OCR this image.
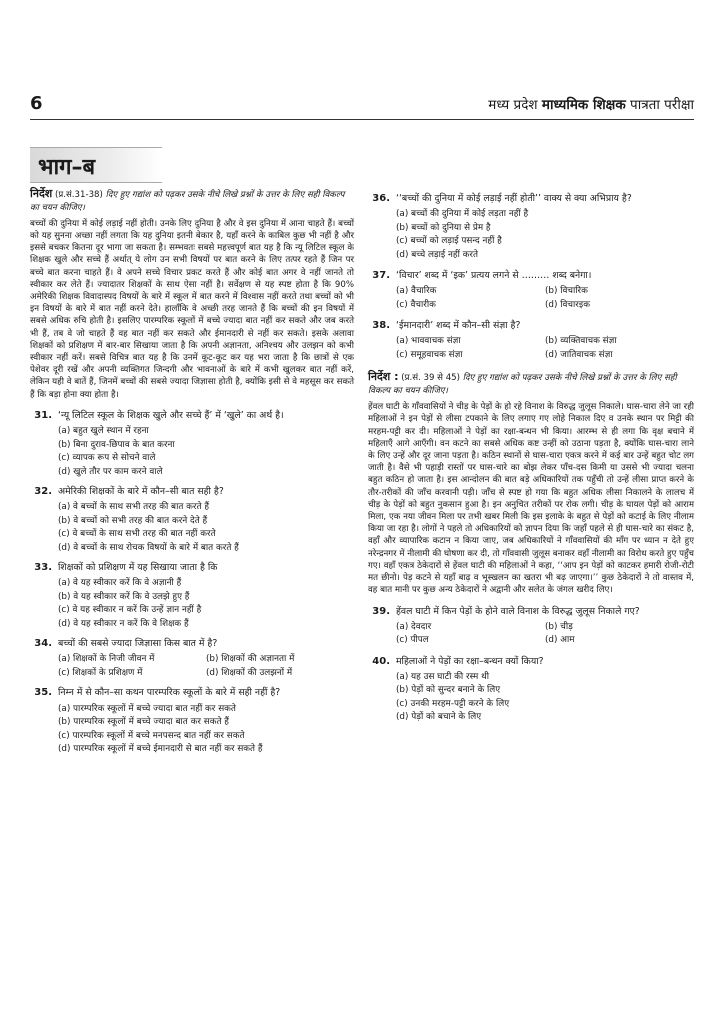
6	मध्य प्रदेश माध्यमिक शिक्षक पात्रता परीक्षा
भाग–ब

निर्देश (प्र.सं.31-38) दिए हुए गद्यांश को पढ़कर उसके नीचे लिखे प्रश्नों के उत्तर के लिए सही विकल्प का चयन कीजिए।

बच्चों की दुनिया में कोई लड़ाई नहीं होती। उनके लिए दुनिया है और वे इस दुनिया में आना चाहते हैं। बच्चों को यह सुनना अच्छा नहीं लगता कि यह दुनिया इतनी बेकार है, यहाँ करने के काबिल कुछ भी नहीं है और इससे बचकर कितना दूर भागा जा सकता है। सम्भवतः सबसे महत्त्वपूर्ण बात यह है कि न्यू लिटिल स्कूल के शिक्षक खुले और सच्चे हैं अर्थात् ये लोग उन सभी विषयों पर बात करने के लिए तत्पर रहते हैं जिन पर बच्चे बात करना चाहते हैं। वे अपने सच्चे विचार प्रकट करते हैं और कोई बात अगर वे नहीं जानते तो स्वीकार कर लेते हैं। ज्यादातर शिक्षकों के साथ ऐसा नहीं है। सर्वेक्षण से यह स्पष्ट होता है कि 90% अमेरिकी शिक्षक विवादास्पद विषयों के बारे में स्कूल में बात करने में विश्वास नहीं करते तथा बच्चों को भी इन विषयों के बारे में बात नहीं करने देते। हालाँकि वे अच्छी तरह जानते हैं कि बच्चों की इन विषयों में सबसे अधिक रुचि होती है। इसलिए पारम्परिक स्कूलों में बच्चे ज्यादा बात नहीं कर सकते और जब करते भी हैं, तब वे जो चाहते हैं वह बात नहीं कर सकते और ईमानदारी से नहीं कर सकते। इसके अलावा शिक्षकों को प्रशिक्षण में बार-बार सिखाया जाता है कि अपनी अज्ञानता, अनिश्चय और उलझन को कभी स्वीकार नहीं करें। सबसे विचित्र बात यह है कि उनमें कूट-कूट कर यह भरा जाता है कि छात्रों से एक पेशेवर दूरी रखें और अपनी व्यक्तिगत जिन्दगी और भावनाओं के बारे में कभी खुलकर बात नहीं करें, लेकिन यही वे बातें हैं, जिनमें बच्चों की सबसे ज्यादा जिज्ञासा होती है, क्योंकि इसी से वे महसूस कर सकते हैं कि बड़ा होना क्या होता है।

31. ‘न्यू लिटिल स्कूल के शिक्षक खुले और सच्चे हैं’ में ‘खुले’ का अर्थ है।
(a) बहुत खुले स्थान में रहना
(b) बिना दुराव-छिपाव के बात करना
(c) व्यापक रूप से सोचने वाले
(d) खुले तौर पर काम करने वाले
32. अमेरिकी शिक्षकों के बारे में कौन–सी बात सही है?
(a) वे बच्चों के साथ सभी तरह की बात करते हैं
(b) वे बच्चों को सभी तरह की बात करने देते हैं
(c) वे बच्चों के साथ सभी तरह की बात नहीं करते
(d) वे बच्चों के साथ रोचक विषयों के बारे में बात करते हैं
33. शिक्षकों को प्रशिक्षण में यह सिखाया जाता है कि
(a) वे यह स्वीकार करें कि वे अज्ञानी हैं
(b) वे यह स्वीकार करें कि वे उलझे हुए हैं
(c) वे यह स्वीकार न करें कि उन्हें ज्ञान नहीं है
(d) वे यह स्वीकार न करें कि वे शिक्षक हैं
34. बच्चों की सबसे ज्यादा जिज्ञासा किस बात में है?
(a) शिक्षकों के निजी जीवन में	(b) शिक्षकों की अज्ञानता में
(c) शिक्षकों के प्रशिक्षण में	(d) शिक्षकों की उलझनों में
35. निम्न में से कौन–सा कथन पारम्परिक स्कूलों के बारे में सही नहीं है?
(a) पारम्परिक स्कूलों में बच्चे ज्यादा बात नहीं कर सकते
(b) पारम्परिक स्कूलों में बच्चे ज्यादा बात कर सकते हैं
(c) पारम्परिक स्कूलों में बच्चे मनपसन्द बात नहीं कर सकते
(d) पारम्परिक स्कूलों में बच्चे ईमानदारी से बात नहीं कर सकते हैं
36. ‘‘बच्चों की दुनिया में कोई लड़ाई नहीं होती’’ वाक्य से क्या अभिप्राय है?
(a) बच्चों की दुनिया में कोई लड़ता नहीं है
(b) बच्चों को दुनिया से प्रेम है
(c) बच्चों को लड़ाई पसन्द नहीं है
(d) बच्चे लड़ाई नहीं करते
37. ‘विचार’ शब्द में ‘इक’ प्रत्यय लगने से ……… शब्द बनेगा।
(a) वैचारिक	(b) विचारिक
(c) वैचारीक	(d) विचारइक
38. ‘ईमानदारी’ शब्द में कौन–सी संज्ञा है?
(a) भाववाचक संज्ञा	(b) व्यक्तिवाचक संज्ञा
(c) समूहवाचक संज्ञा	(d) जातिवाचक संज्ञा

निर्देश : (प्र.सं. 39 से 45) दिए हुए गद्यांश को पढ़कर उसके नीचे लिखे प्रश्नों के उत्तर के लिए सही विकल्प का चयन कीजिए।

हेंवल घाटी के गाँववासियों ने चीड़ के पेड़ों के हो रहे विनाश के विरुद्ध जुलूस निकाले। घास-चारा लेने जा रही महिलाओं ने इन पेड़ों से लीसा टपकाने के लिए लगाए गए लोहे निकाल दिए व उनके स्थान पर मिट्टी की मरहम-पट्टी कर दी। महिलाओं ने पेड़ों का रक्षा-बन्धन भी किया। आरम्भ से ही लगा कि वृक्ष बचाने में महिलाएँ आगे आएँगी। वन कटने का सबसे अधिक कष्ट उन्हीं को उठाना पड़ता है, क्योंकि घास-चारा लाने के लिए उन्हें और दूर जाना पड़ता है। कठिन स्थानों से घास-चारा एकत्र करने में कई बार उन्हें बहुत चोट लग जाती है। वैसे भी पहाड़ी रास्तों पर घास-चारे का बोझ लेकर पाँच-दस किमी या उससे भी ज्यादा चलना बहुत कठिन हो जाता है। इस आन्दोलन की बात बड़े अधिकारियों तक पहुँची तो उन्हें लीसा प्राप्त करने के तौर-तरीकों की जाँच करवानी पड़ी। जाँच से स्पष्ट हो गया कि बहुत अधिक लीसा निकालने के लालच में चीड़ के पेड़ों को बहुत नुकसान हुआ है। इन अनुचित तरीकों पर रोक लगी। चीड़ के घायल पेड़ों को आराम मिला, एक नया जीवन मिला पर तभी खबर मिली कि इस इलाके के बहुत से पेड़ों को कटाई के लिए नीलाम किया जा रहा है। लोगों ने पहले तो अधिकारियों को ज्ञापन दिया कि जहाँ पहले से ही घास-चारे का संकट है, वहाँ और व्यापारिक कटान न किया जाए, जब अधिकारियों ने गाँववासियों की माँग पर ध्यान न देते हुए नरेन्द्रनगर में नीलामी की घोषणा कर दी, तो गाँववासी जुलूस बनाकर वहाँ नीलामी का विरोध करते हुए पहुँच गए। वहाँ एकत्र ठेकेदारों से हेंवल घाटी की महिलाओं ने कहा, ‘‘आप इन पेड़ों को काटकर हमारी रोजी-रोटी मत छीनो। पेड़ कटने से यहाँ बाढ़ व भूस्खलन का खतरा भी बढ़ जाएगा।’’ कुछ ठेकेदारों ने तो वास्तव में, वह बात मानी पर कुछ अन्य ठेकेदारों ने अद्वानी और सलेत के जंगल खरीद लिए।

39. हेंवल घाटी में किन पेड़ों के होने वाले विनाश के विरुद्ध जुलूस निकाले गए?
(a) देवदार	(b) चीड़
(c) पीपल	(d) आम
40. महिलाओं ने पेड़ों का रक्षा–बन्धन क्यों किया?
(a) यह उस घाटी की रस्म थी
(b) पेड़ों को सुन्दर बनाने के लिए
(c) उनकी मरहम-पट्टी करने के लिए
(d) पेड़ों को बचाने के लिए
